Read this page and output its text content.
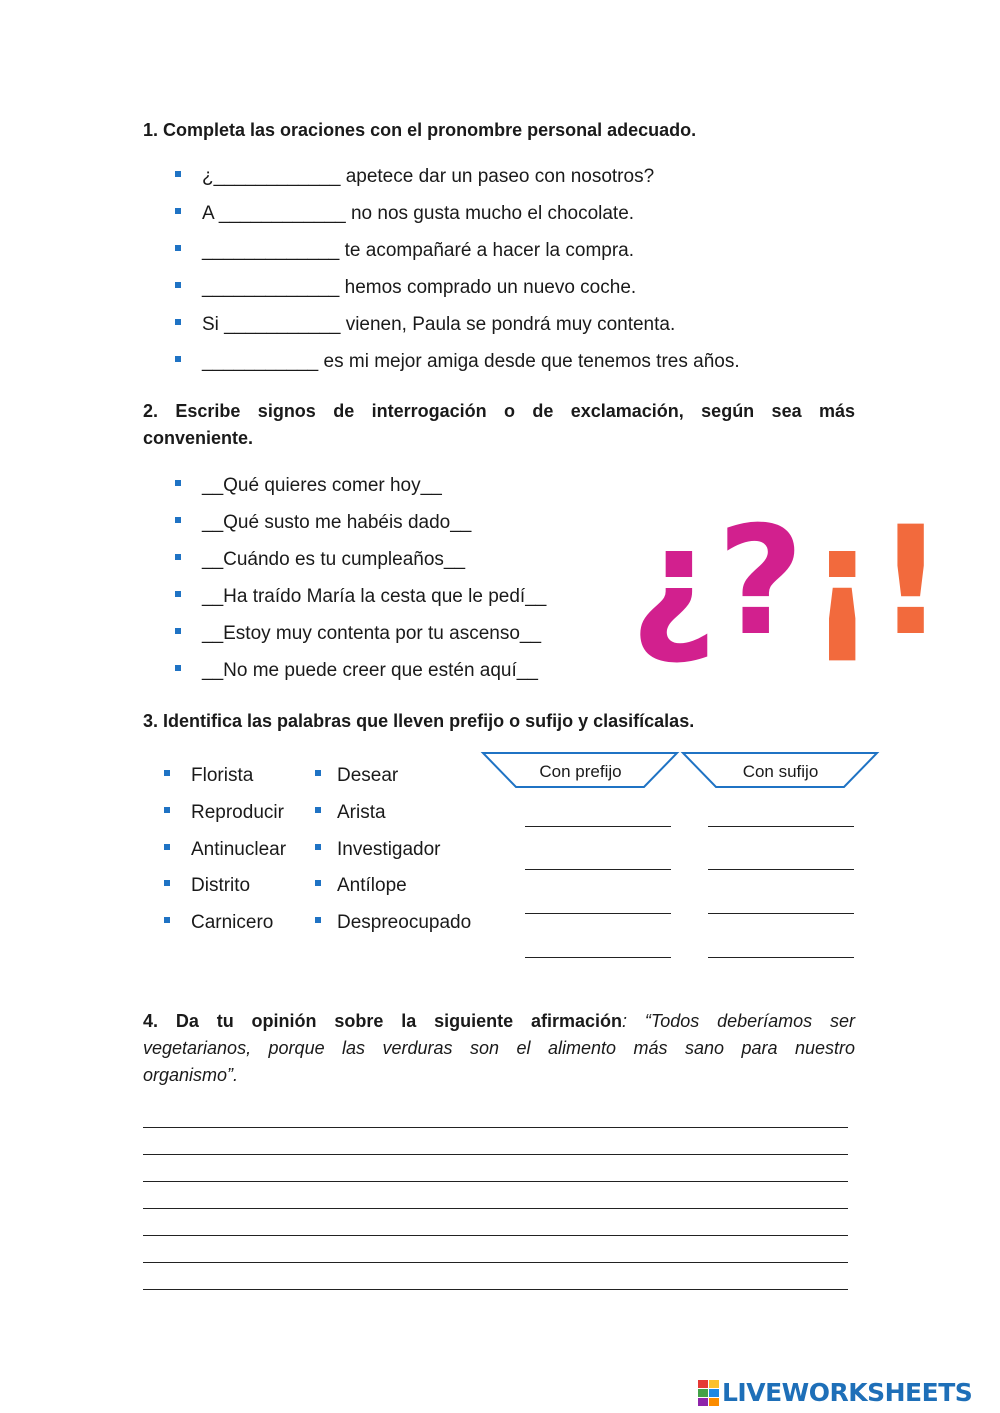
1. Completa las oraciones con el pronombre personal adecuado.
¿____________ apetece dar un paseo con nosotros?
A ____________ no nos gusta mucho el chocolate.
_____________ te acompañaré a hacer la compra.
_____________ hemos comprado un nuevo coche.
Si ___________ vienen, Paula se pondrá muy contenta.
___________ es mi mejor amiga desde que tenemos tres años.
2. Escribe signos de interrogación o de exclamación, según sea más
conveniente.
__Qué quieres comer hoy__
__Qué susto me habéis dado__
__Cuándo es tu cumpleaños__
__Ha traído María la cesta que le pedí__
__Estoy muy contenta por tu ascenso__
__No me puede creer que estén aquí__
¿? ¡!
3. Identifica las palabras que lleven prefijo o sufijo y clasifícalas.
Florista
Reproducir
Antinuclear
Distrito
Carnicero
Desear
Arista
Investigador
Antílope
Despreocupado
Con prefijo	Con sufijo
4. Da tu opinión sobre la siguiente afirmación: “Todos deberíamos ser
vegetarianos, porque las verduras son el alimento más sano para nuestro
organismo”.
LIVEWORKSHEETS
